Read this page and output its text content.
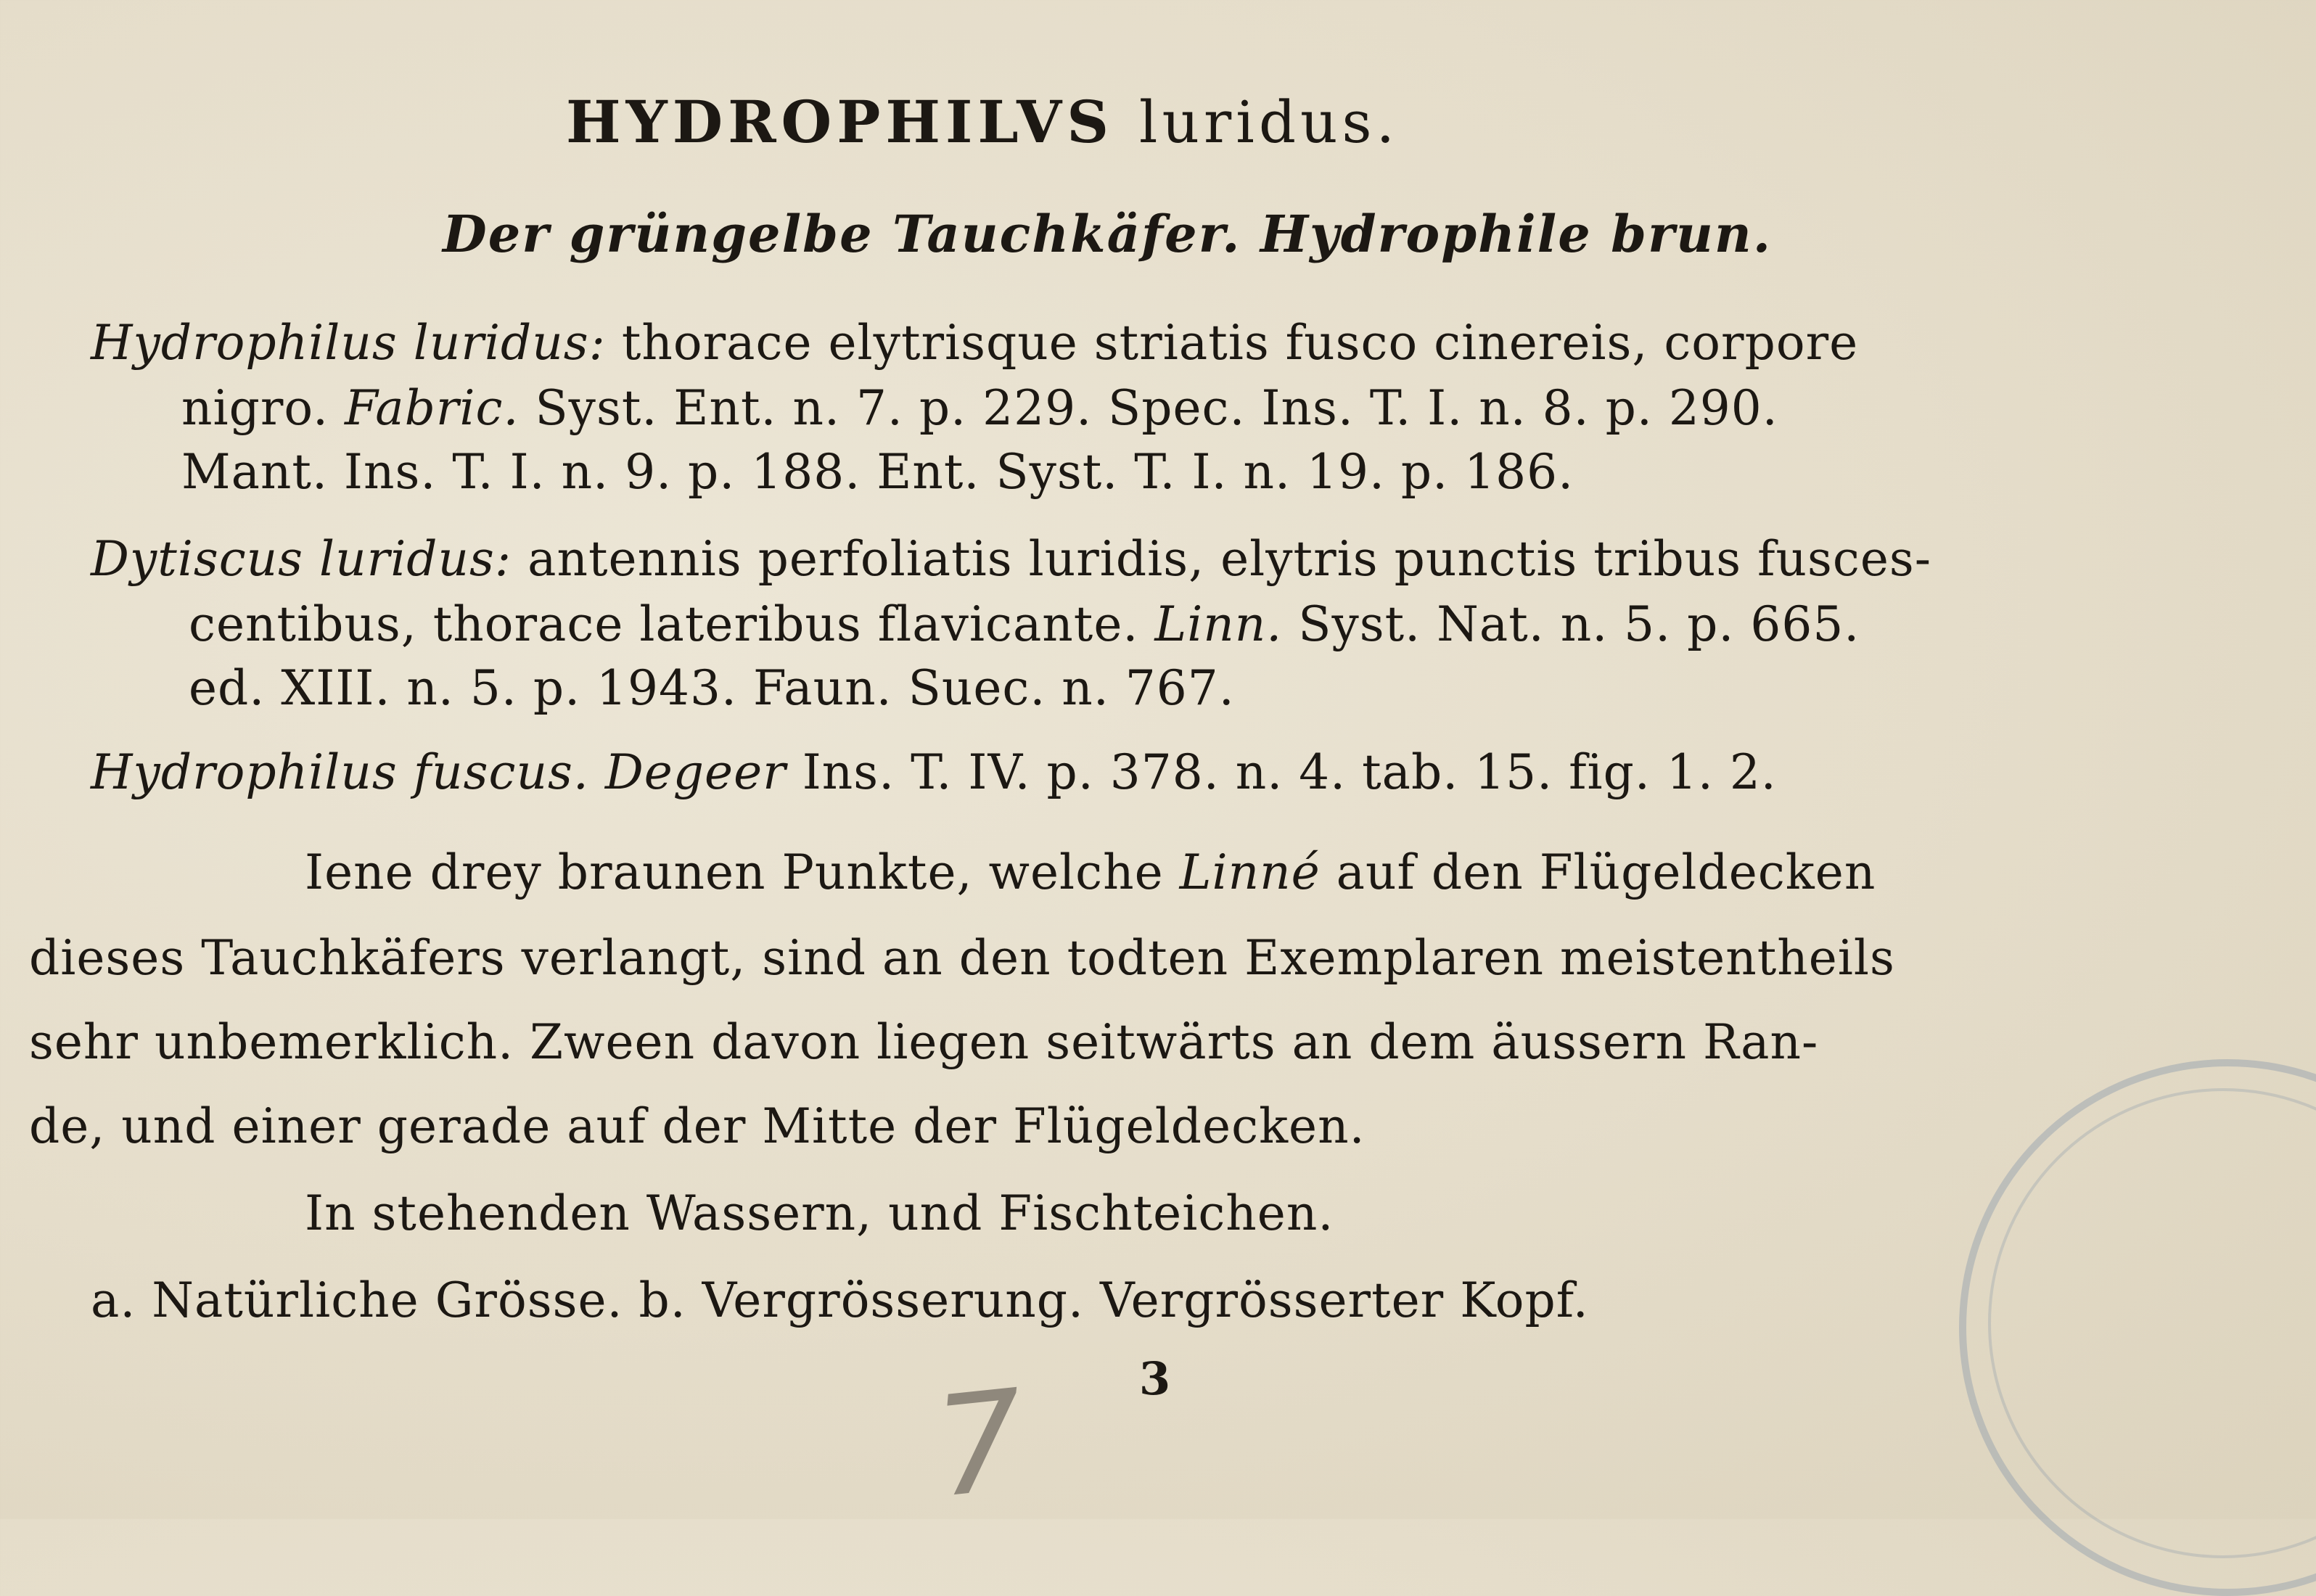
HYDROPHILVS luridus.
Der grüngelbe Tauchkäfer. Hydrophile brun.
Hydrophilus luridus: thorace elytrisque striatis fusco cinereis, corpore
nigro. Fabric. Syst. Ent. n. 7. p. 229. Spec. Ins. T. I. n. 8. p. 290.
Mant. Ins. T. I. n. 9. p. 188. Ent. Syst. T. I. n. 19. p. 186.
Dytiscus luridus: antennis perfoliatis luridis, elytris punctis tribus fusces-
centibus, thorace lateribus flavicante. Linn. Syst. Nat. n. 5. p. 665.
ed. XIII. n. 5. p. 1943. Faun. Suec. n. 767.
Hydrophilus fuscus. Degeer Ins. T. IV. p. 378. n. 4. tab. 15. fig. 1. 2.
Iene drey braunen Punkte, welche Linné auf den Flügeldecken
dieses Tauchkäfers verlangt, sind an den todten Exemplaren meistentheils
sehr unbemerklich. Zween davon liegen seitwärts an dem äussern Ran-
de, und einer gerade auf der Mitte der Flügeldecken.
In stehenden Wassern, und Fischteichen.
a. Natürliche Grösse. b. Vergrösserung. Vergrösserter Kopf.
3
7
